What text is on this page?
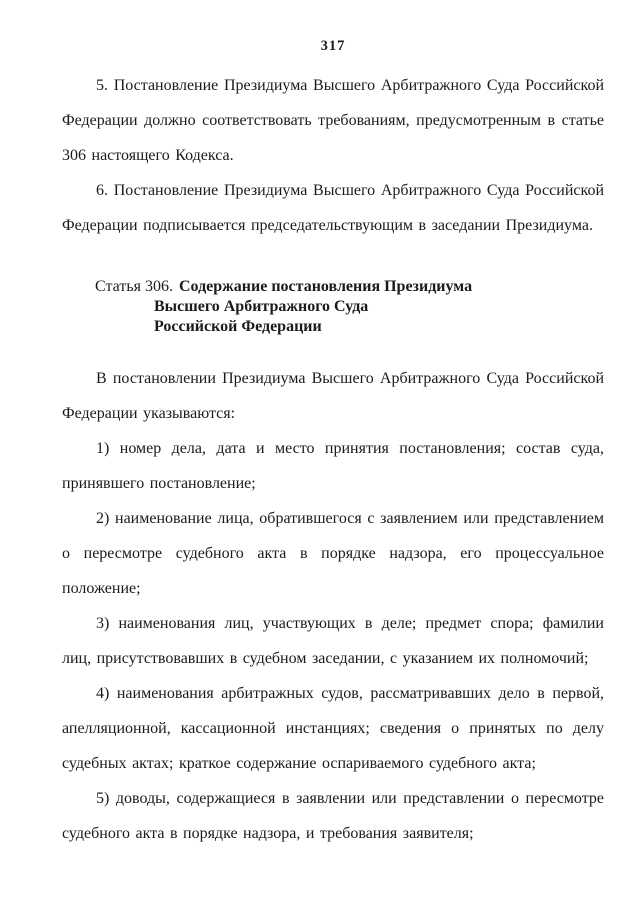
317

5. Постановление Президиума Высшего Арбитражного Суда Российской Федерации должно соответствовать требованиям, предусмотренным в статье 306 настоящего Кодекса.

6. Постановление Президиума Высшего Арбитражного Суда Российской Федерации подписывается председательствующим в заседании Президиума.

Статья 306. Содержание постановления Президиума
Высшего Арбитражного Суда
Российской Федерации

В постановлении Президиума Высшего Арбитражного Суда Российской Федерации указываются:

1) номер дела, дата и место принятия постановления; состав суда, принявшего постановление;

2) наименование лица, обратившегося с заявлением или представлением о пересмотре судебного акта в порядке надзора, его процессуальное положение;

3) наименования лиц, участвующих в деле; предмет спора; фамилии лиц, присутствовавших в судебном заседании, с указанием их полномочий;

4) наименования арбитражных судов, рассматривавших дело в первой, апелляционной, кассационной инстанциях; сведения о принятых по делу судебных актах; краткое содержание оспариваемого судебного акта;

5) доводы, содержащиеся в заявлении или представлении о пересмотре судебного акта в порядке надзора, и требования заявителя;
